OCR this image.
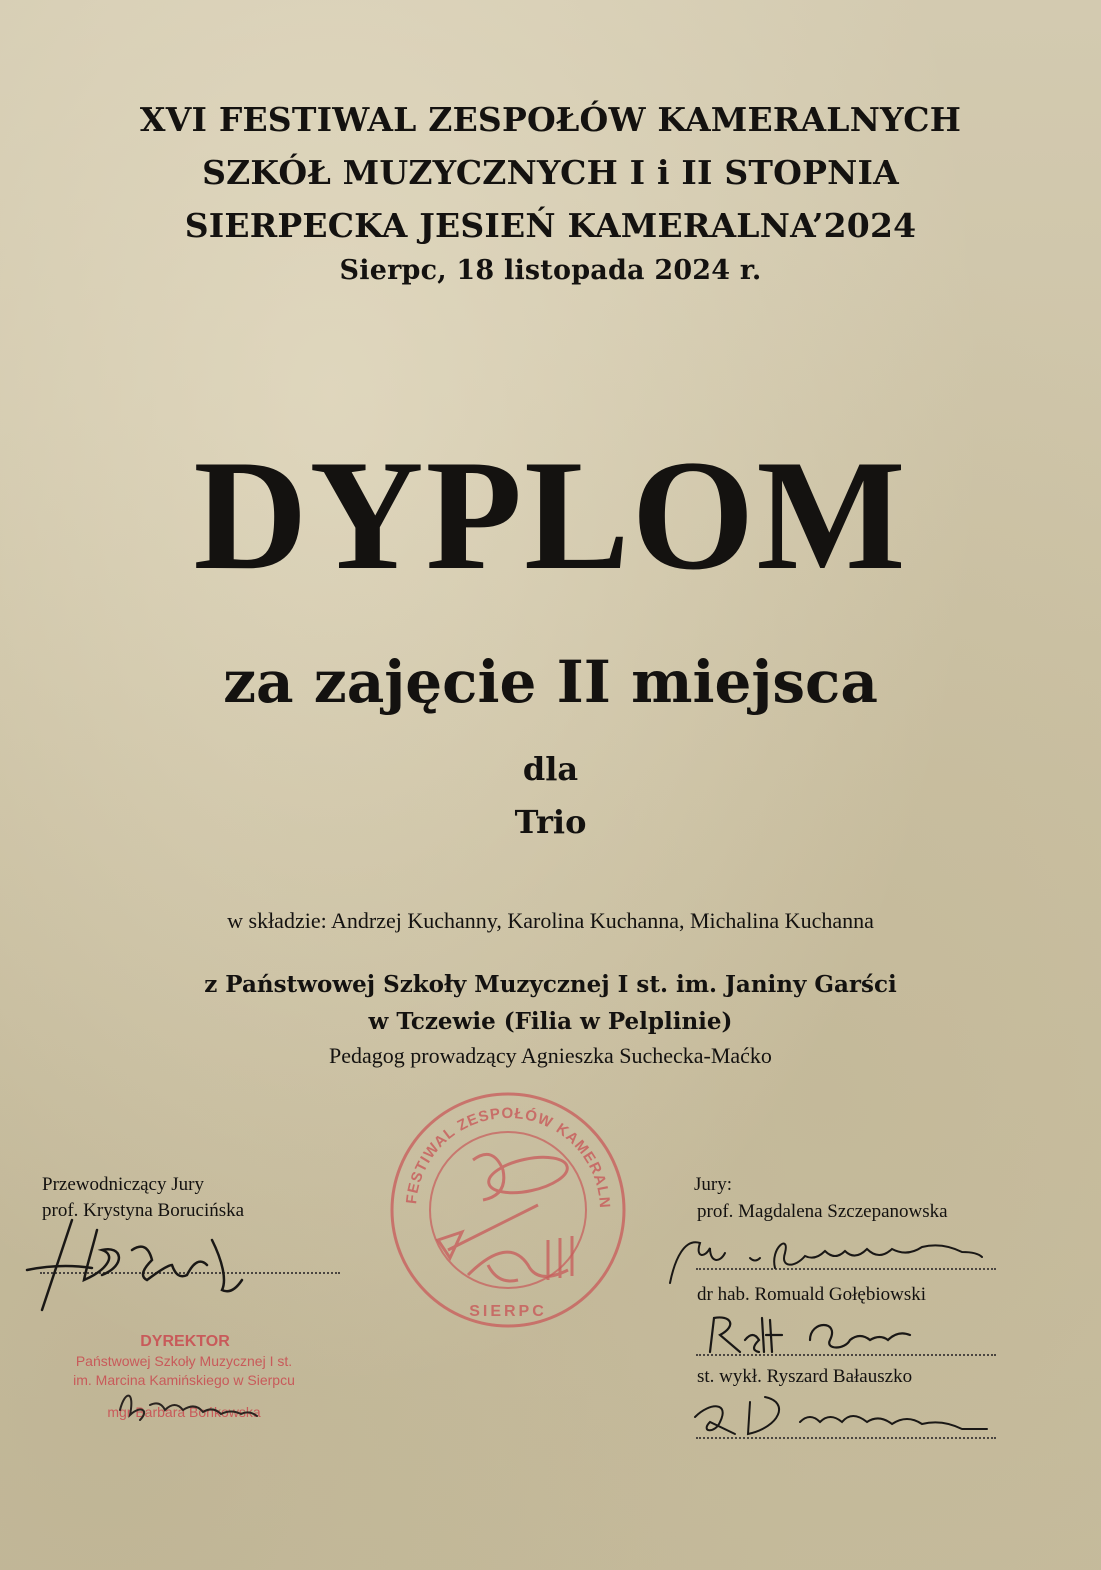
XVI FESTIWAL ZESPOŁÓW KAMERALNYCH
SZKÓŁ MUZYCZNYCH I i II STOPNIA
SIERPECKA JESIEŃ KAMERALNA’2024
Sierpc, 18 listopada 2024 r.
DYPLOM
za zajęcie II miejsca
dla
Trio
w składzie: Andrzej Kuchanny, Karolina Kuchanna, Michalina Kuchanna
z Państwowej Szkoły Muzycznej I st. im. Janiny Garści
w Tczewie (Filia w Pelplinie)
Pedagog prowadzący Agnieszka Suchecka-Maćko
FESTIWAL ZESPOŁÓW KAMERALNYCH SZKÓŁ MUZYCZNYCH I i II st.
SIERPC
Przewodniczący Jury
prof. Krystyna Borucińska
DYREKTOR
Państwowej Szkoły Muzycznej I st.
im. Marcina Kamińskiego w Sierpcu
mgr Barbara Bońkowska
Jury:
prof. Magdalena Szczepanowska
dr hab. Romuald Gołębiowski
st. wykł. Ryszard Bałauszko
